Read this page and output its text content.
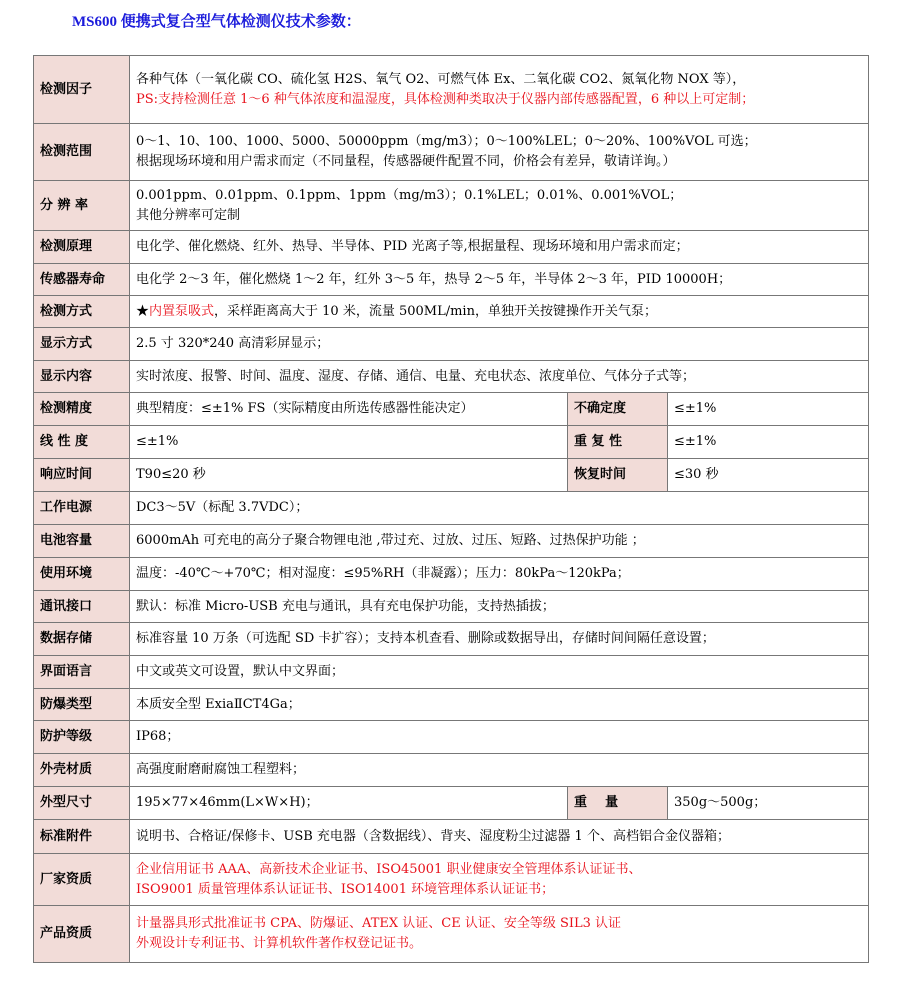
MS600 便携式复合型气体检测仪技术参数：
检测因子	各种气体（一氧化碳 CO、硫化氢 H2S、氧气 O2、可燃气体 Ex、二氧化碳 CO2、氮氧化物 NOX 等），
PS:支持检测任意 1～6 种气体浓度和温湿度，具体检测种类取决于仪器内部传感器配置，6 种以上可定制；		

检测范围	0～1、10、100、1000、5000、50000ppm（mg/m3）；0～100%LEL；0～20%、100%VOL 可选；
根据现场环境和用户需求而定（不同量程，传感器硬件配置不同，价格会有差异，敬请详询。）		

分 辨 率	0.001ppm、0.01ppm、0.1ppm、1ppm（mg/m3）；0.1%LEL；0.01%、0.001%VOL；
其他分辨率可定制		

检测原理	电化学、催化燃烧、红外、热导、半导体、PID 光离子等,根据量程、现场环境和用户需求而定；		
传感器寿命	电化学 2～3 年，催化燃烧 1～2 年，红外 3～5 年，热导 2～5 年，半导体 2～3 年，PID 10000H；		
检测方式	★内置泵吸式，采样距离高大于 10 米，流量 500ML/min，单独开关按键操作开关气泵；		
显示方式	2.5 寸 320*240 高清彩屏显示；		
显示内容	实时浓度、报警、时间、温度、湿度、存储、通信、电量、充电状态、浓度单位、气体分子式等；		
检测精度	典型精度：≤±1% FS（实际精度由所选传感器性能决定）	不确定度	≤±1%
线 性 度	≤±1%	重 复 性	≤±1%
响应时间	T90≤20 秒	恢复时间	≤30 秒
工作电源	DC3～5V（标配 3.7VDC）；		
电池容量	6000mAh 可充电的高分子聚合物锂电池 ,带过充、过放、过压、短路、过热保护功能 ；		
使用环境	温度：-40℃～+70℃；相对湿度：≤95%RH（非凝露）；压力：80kPa～120kPa；		
通讯接口	默认：标准 Micro-USB 充电与通讯，具有充电保护功能，支持热插拔；		
数据存储	标准容量 10 万条（可选配 SD 卡扩容）；支持本机查看、删除或数据导出，存储时间间隔任意设置；		
界面语言	中文或英文可设置，默认中文界面；		
防爆类型	本质安全型 ExiaⅡCT4Ga；		
防护等级	IP68；		
外壳材质	高强度耐磨耐腐蚀工程塑料；		
外型尺寸	195×77×46mm(L×W×H)；	重    量	350g～500g；
标准附件	说明书、合格证/保修卡、USB 充电器（含数据线）、背夹、湿度粉尘过滤器 1 个、高档铝合金仪器箱；		
厂家资质	企业信用证书 AAA、高新技术企业证书、ISO45001 职业健康安全管理体系认证证书、
ISO9001 质量管理体系认证证书、ISO14001 环境管理体系认证证书；		

产品资质	计量器具形式批准证书 CPA、防爆证、ATEX 认证、CE 认证、安全等级 SIL3 认证
外观设计专利证书、计算机软件著作权登记证书。		
